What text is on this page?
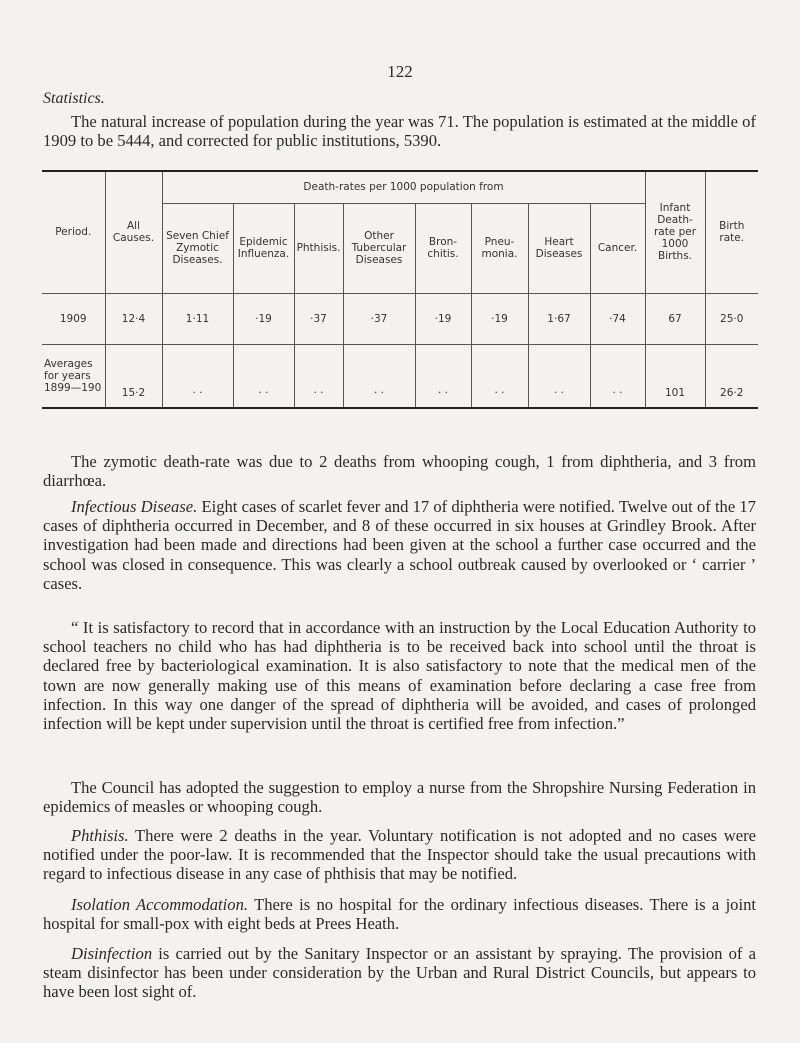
122
Statistics.

The natural increase of population during the year was 71. The population is estimated at the middle of 1909 to be 5444, and corrected for public institutions, 5390.

Period.	All Causes.	Death-rates per 1000 population from								Infant Death- rate per 1000 Births.	Birth rate.
		Seven Chief Zymotic Diseases.	Epidemic Influenza.	Phthisis.	Other Tubercular Diseases	Bron- chitis.	Pneu- monia.	Heart Diseases	Cancer.		
1909	12·4	1·11	·19	·37	·37	·19	·19	1·67	·74	67	25·0

Averages
for years
1899—190	15·2	· ·	· ·	· ·	· ·	· ·	· ·	· ·	· ·	101	26·2

The zymotic death-rate was due to 2 deaths from whooping cough, 1 from diphtheria, and 3 from diarrhœa.

Infectious Disease. Eight cases of scarlet fever and 17 of diphtheria were notified. Twelve out of the 17 cases of diphtheria occurred in December, and 8 of these occurred in six houses at Grindley Brook. After investigation had been made and directions had been given at the school a further case occurred and the school was closed in consequence. This was clearly a school outbreak caused by overlooked or ‘ carrier ’ cases.

“ It is satisfactory to record that in accordance with an instruction by the Local Education Authority to school teachers no child who has had diphtheria is to be received back into school until the throat is declared free by bacteriological examination. It is also satisfactory to note that the medical men of the town are now generally making use of this means of examination before declaring a case free from infection. In this way one danger of the spread of diphtheria will be avoided, and cases of prolonged infection will be kept under supervision until the throat is certified free from infection.”

The Council has adopted the suggestion to employ a nurse from the Shropshire Nursing Federation in epidemics of measles or whooping cough.

Phthisis. There were 2 deaths in the year. Voluntary notification is not adopted and no cases were notified under the poor-law. It is recommended that the Inspector should take the usual precautions with regard to infectious disease in any case of phthisis that may be notified.

Isolation Accommodation. There is no hospital for the ordinary infectious diseases. There is a joint hospital for small-pox with eight beds at Prees Heath.

Disinfection is carried out by the Sanitary Inspector or an assistant by spraying. The provision of a steam disinfector has been under consideration by the Urban and Rural District Councils, but appears to have been lost sight of.
